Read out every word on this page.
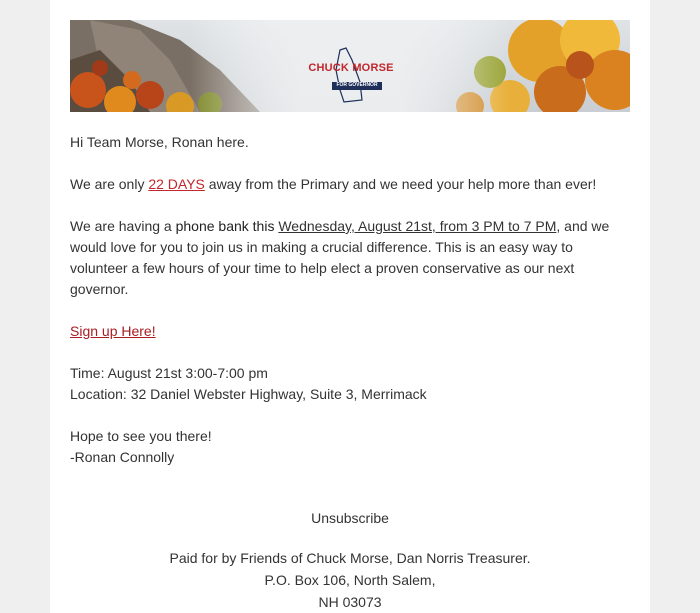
CHUCK MORSE
FOR GOVERNOR

Hi Team Morse, Ronan here.

We are only 22 DAYS away from the Primary and we need your help more than ever!

We are having a phone bank this Wednesday, August 21st, from 3 PM to 7 PM, and we would love for you to join us in making a crucial difference. This is an easy way to volunteer a few hours of your time to help elect a proven conservative as our next governor.

Sign up Here!

Time: August 21st 3:00-7:00 pm
Location: 32 Daniel Webster Highway, Suite 3, Merrimack

Hope to see you there!
-Ronan Connolly

Unsubscribe
Paid for by Friends of Chuck Morse, Dan Norris Treasurer.
P.O. Box 106, North Salem,
NH 03073
